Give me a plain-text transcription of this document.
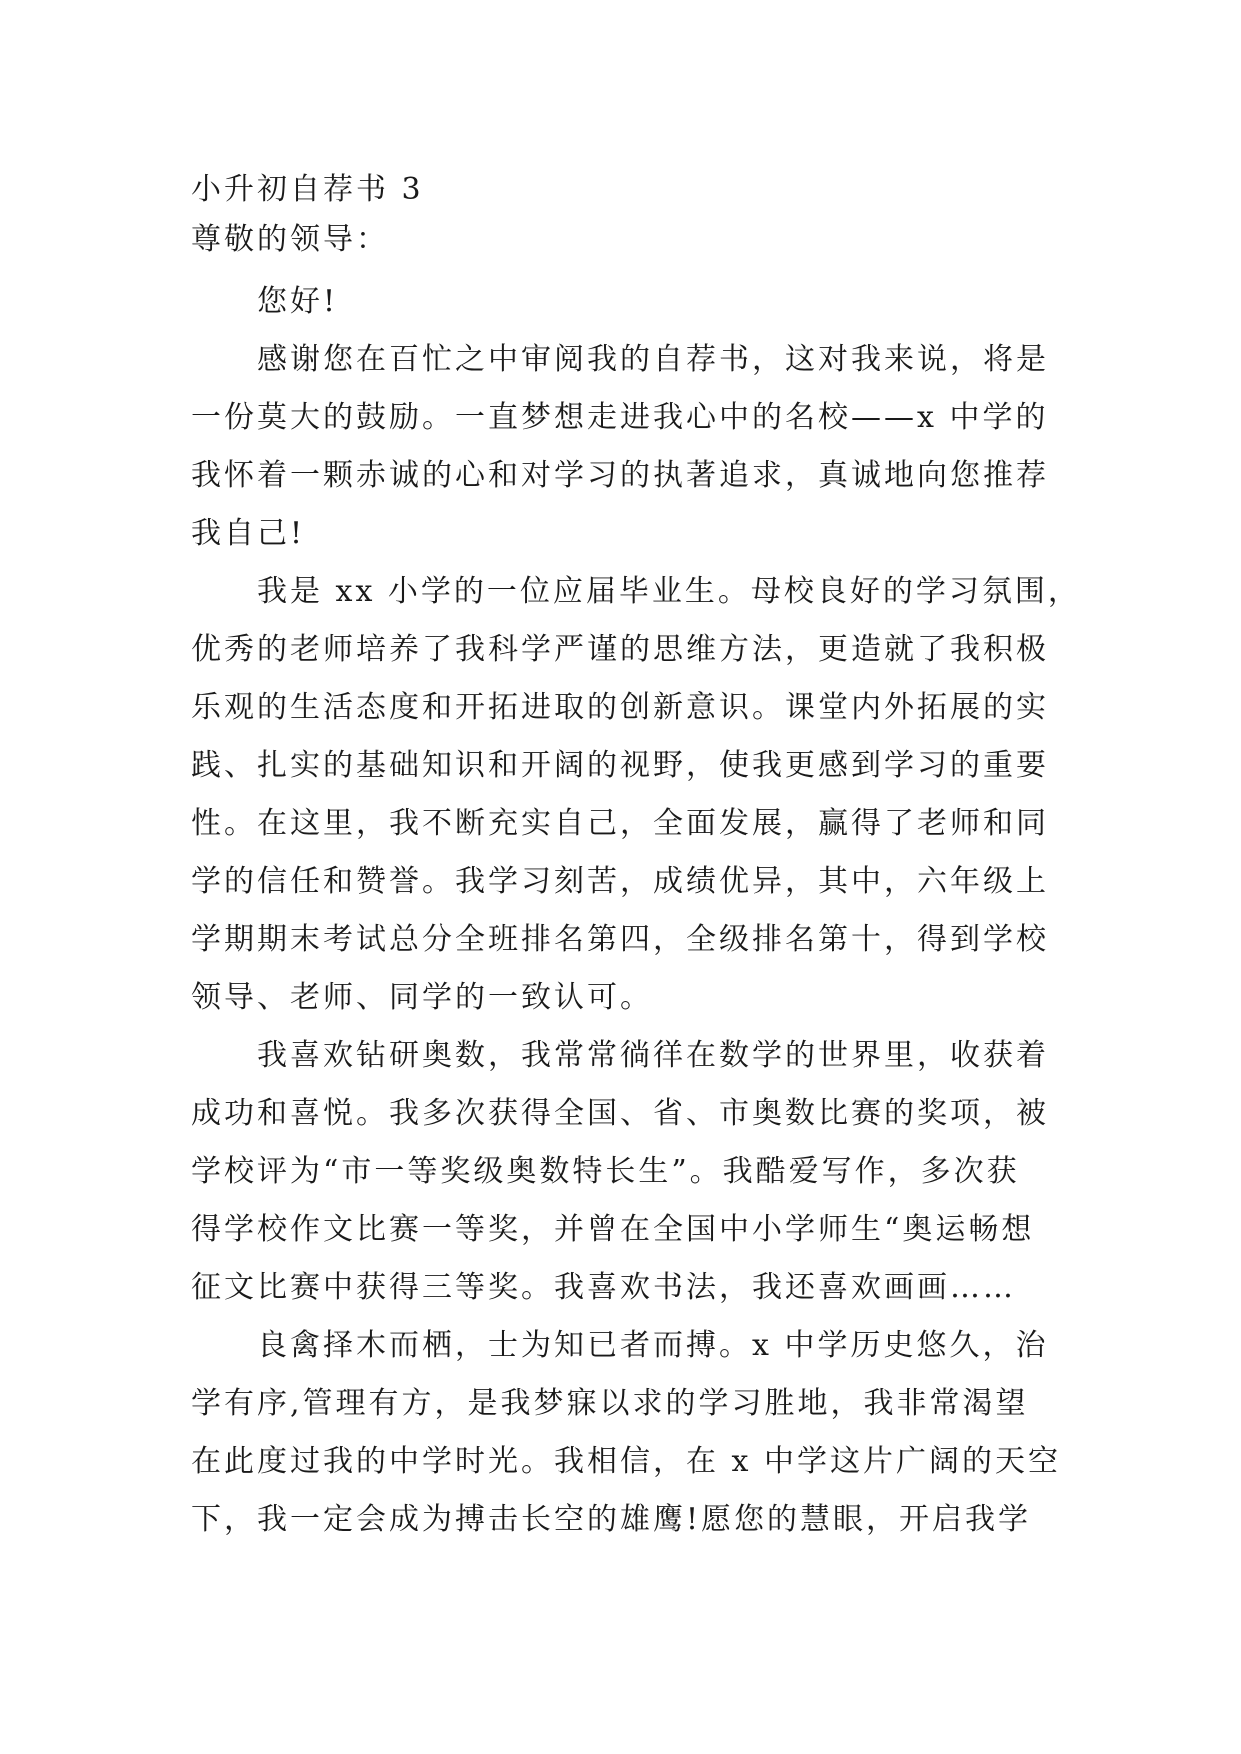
小升初自荐书 3
尊敬的领导：
您好!
感谢您在百忙之中审阅我的自荐书，这对我来说，将是
一份莫大的鼓励。一直梦想走进我心中的名校——x 中学的
我怀着一颗赤诚的心和对学习的执著追求，真诚地向您推荐
我自己!
我是 xx 小学的一位应届毕业生。母校良好的学习氛围，
优秀的老师培养了我科学严谨的思维方法，更造就了我积极
乐观的生活态度和开拓进取的创新意识。课堂内外拓展的实
践、扎实的基础知识和开阔的视野，使我更感到学习的重要
性。在这里，我不断充实自己，全面发展，赢得了老师和同
学的信任和赞誉。我学习刻苦，成绩优异，其中，六年级上
学期期末考试总分全班排名第四，全级排名第十，得到学校
领导、老师、同学的一致认可。
我喜欢钻研奥数，我常常徜徉在数学的世界里，收获着
成功和喜悦。我多次获得全国、省、市奥数比赛的奖项，被
学校评为“市一等奖级奥数特长生”。我酷爱写作，多次获
得学校作文比赛一等奖，并曾在全国中小学师生“奥运畅想
征文比赛中获得三等奖。我喜欢书法，我还喜欢画画……
良禽择木而栖，士为知已者而搏。x 中学历史悠久，治
学有序,管理有方，是我梦寐以求的学习胜地，我非常渴望
在此度过我的中学时光。我相信，在 x 中学这片广阔的天空
下，我一定会成为搏击长空的雄鹰!愿您的慧眼，开启我学
